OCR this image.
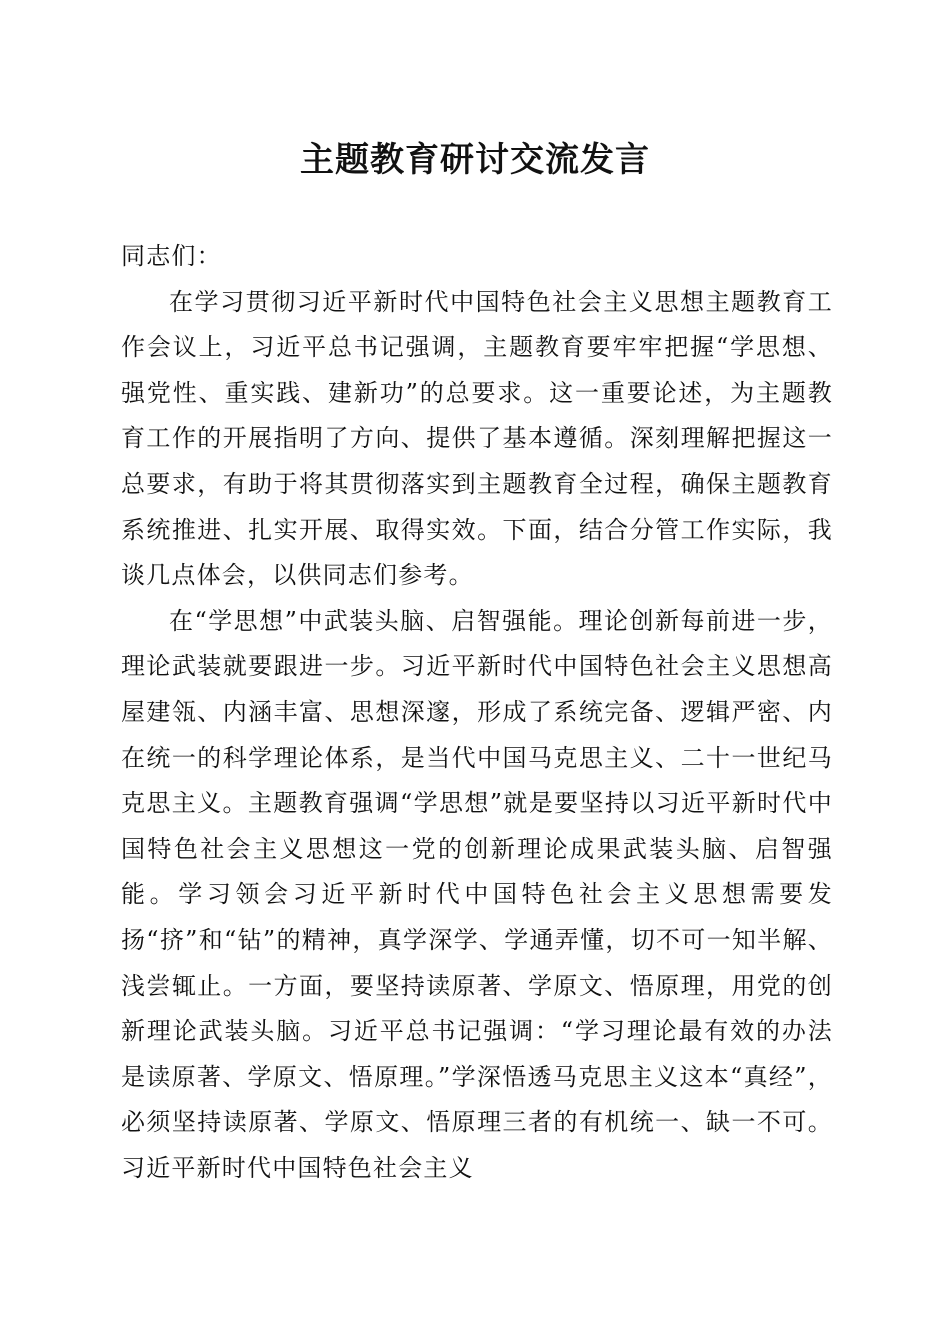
主题教育研讨交流发言

同志们：

在学习贯彻习近平新时代中国特色社会主义思想主题教育工作会议上，习近平总书记强调，主题教育要牢牢把握“学思想、强党性、重实践、建新功”的总要求。这一重要论述，为主题教育工作的开展指明了方向、提供了基本遵循。深刻理解把握这一总要求，有助于将其贯彻落实到主题教育全过程，确保主题教育系统推进、扎实开展、取得实效。下面，结合分管工作实际，我谈几点体会，以供同志们参考。

在“学思想”中武装头脑、启智强能。理论创新每前进一步，理论武装就要跟进一步。习近平新时代中国特色社会主义思想高屋建瓴、内涵丰富、思想深邃，形成了系统完备、逻辑严密、内在统一的科学理论体系，是当代中国马克思主义、二十一世纪马克思主义。主题教育强调“学思想”就是要坚持以习近平新时代中国特色社会主义思想这一党的创新理论成果武装头脑、启智强能。学习领会习近平新时代中国特色社会主义思想需要发扬“挤”和“钻”的精神，真学深学、学通弄懂，切不可一知半解、浅尝辄止。一方面，要坚持读原著、学原文、悟原理，用党的创新理论武装头脑。习近平总书记强调：“学习理论最有效的办法是读原著、学原文、悟原理。”学深悟透马克思主义这本“真经”，必须坚持读原著、学原文、悟原理三者的有机统一、缺一不可。习近平新时代中国特色社会主义
